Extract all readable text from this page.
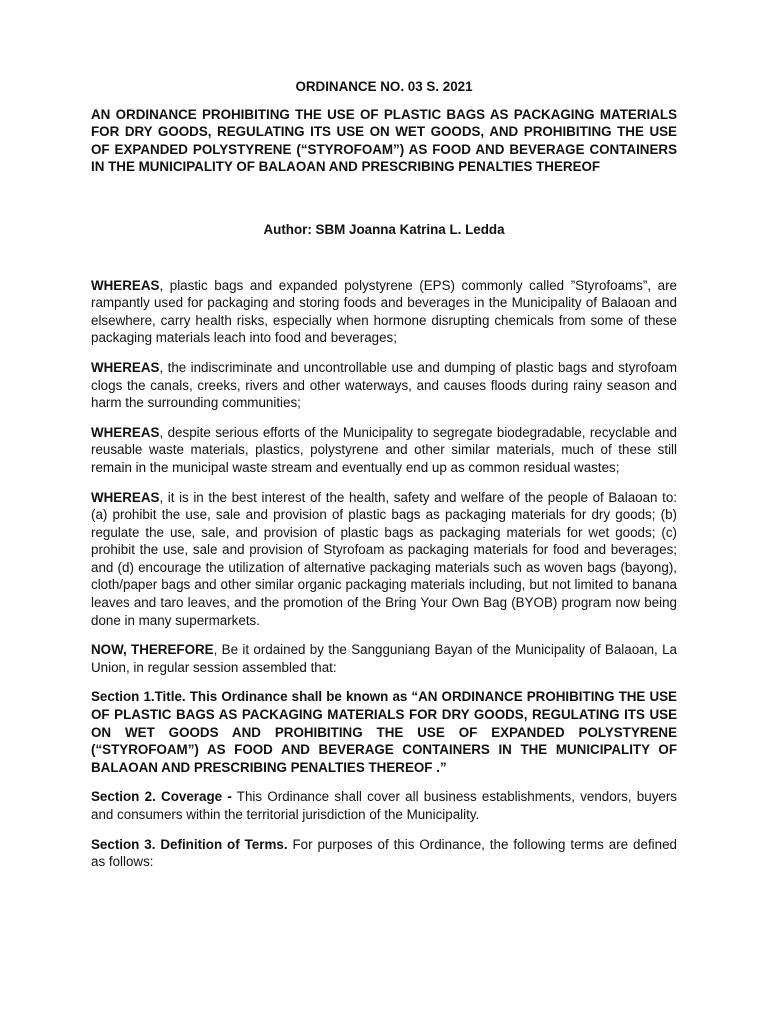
ORDINANCE NO. 03 S. 2021

AN ORDINANCE PROHIBITING THE USE OF PLASTIC BAGS AS PACKAGING MATERIALS FOR DRY GOODS, REGULATING ITS USE ON WET GOODS, AND PROHIBITING THE USE OF EXPANDED POLYSTYRENE (“STYROFOAM”) AS FOOD AND BEVERAGE CONTAINERS IN THE MUNICIPALITY OF BALAOAN AND PRESCRIBING PENALTIES THEREOF

Author: SBM Joanna Katrina L. Ledda

WHEREAS, plastic bags and expanded polystyrene (EPS) commonly called ”Styrofoams”, are rampantly used for packaging and storing foods and beverages in the Municipality of Balaoan and elsewhere, carry health risks, especially when hormone disrupting chemicals from some of these packaging materials leach into food and beverages;

WHEREAS, the indiscriminate and uncontrollable use and dumping of plastic bags and styrofoam clogs the canals, creeks, rivers and other waterways, and causes floods during rainy season and harm the surrounding communities;

WHEREAS, despite serious efforts of the Municipality to segregate biodegradable, recyclable and reusable waste materials, plastics, polystyrene and other similar materials, much of these still remain in the municipal waste stream and eventually end up as common residual wastes;

WHEREAS, it is in the best interest of the health, safety and welfare of the people of Balaoan to: (a) prohibit the use, sale and provision of plastic bags as packaging materials for dry goods; (b) regulate the use, sale, and provision of plastic bags as packaging materials for wet goods; (c) prohibit the use, sale and provision of Styrofoam as packaging materials for food and beverages; and (d) encourage the utilization of alternative packaging materials such as woven bags (bayong), cloth/paper bags and other similar organic packaging materials including, but not limited to banana leaves and taro leaves, and the promotion of the Bring Your Own Bag (BYOB) program now being done in many supermarkets.

NOW, THEREFORE, Be it ordained by the Sangguniang Bayan of the Municipality of Balaoan, La Union, in regular session assembled that:

Section 1.Title. This Ordinance shall be known as “AN ORDINANCE PROHIBITING THE USE OF PLASTIC BAGS AS PACKAGING MATERIALS FOR DRY GOODS, REGULATING ITS USE ON WET GOODS AND PROHIBITING THE USE OF EXPANDED POLYSTYRENE (“STYROFOAM”) AS FOOD AND BEVERAGE CONTAINERS IN THE MUNICIPALITY OF BALAOAN AND PRESCRIBING PENALTIES THEREOF .”

Section 2. Coverage - This Ordinance shall cover all business establishments, vendors, buyers and consumers within the territorial jurisdiction of the Municipality.

Section 3. Definition of Terms. For purposes of this Ordinance, the following terms are defined as follows:
